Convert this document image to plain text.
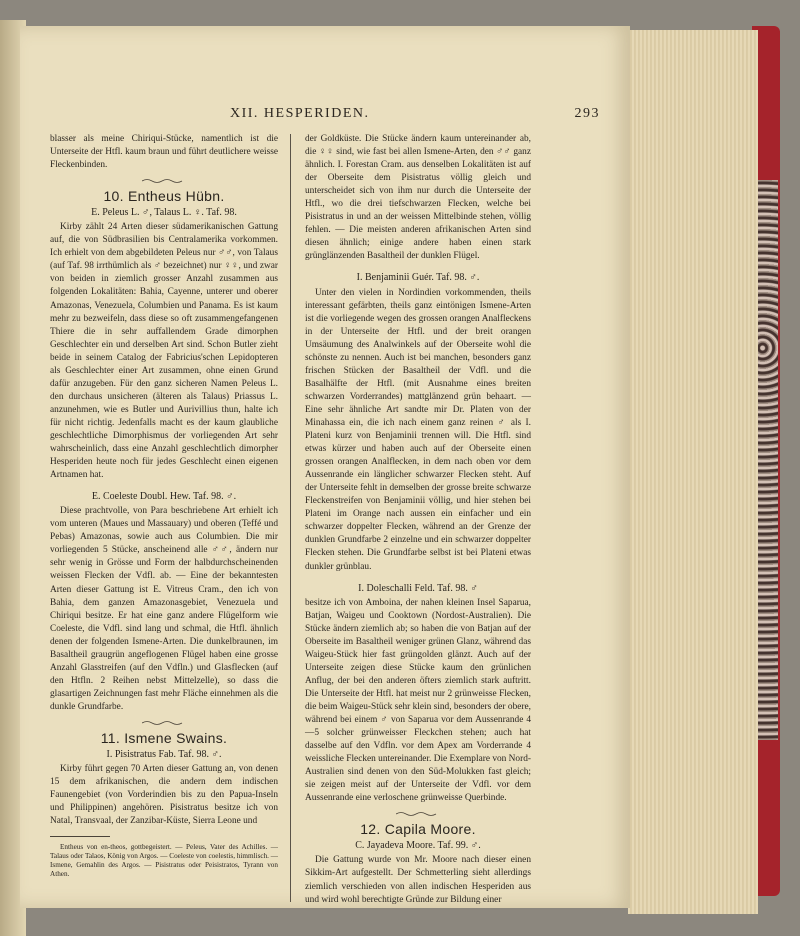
XII. HESPERIDEN.	293

blasser als meine Chiriqui-Stücke, namentlich ist die Unterseite der Htfl. kaum braun und führt deutlichere weisse Fleckenbinden.

10. Entheus Hübn.
E. Peleus L. ♂, Talaus L. ♀. Taf. 98.

Kirby zählt 24 Arten dieser südamerikanischen Gattung auf, die von Südbrasilien bis Centralamerika vorkommen. Ich erhielt von dem abgebildeten Peleus nur ♂♂, von Talaus (auf Taf. 98 irrthümlich als ♂ bezeichnet) nur ♀♀, und zwar von beiden in ziemlich grosser Anzahl zusammen aus folgenden Lokalitäten: Bahia, Cayenne, unterer und oberer Amazonas, Venezuela, Columbien und Panama. Es ist kaum mehr zu bezweifeln, dass diese so oft zusammengefangenen Thiere die in sehr auffallendem Grade dimorphen Geschlechter ein und derselben Art sind. Schon Butler zieht beide in seinem Catalog der Fabricius'schen Lepidopteren als Geschlechter einer Art zusammen, ohne einen Grund dafür anzugeben. Für den ganz sicheren Namen Peleus L. den durchaus unsicheren (älteren als Talaus) Priassus L. anzunehmen, wie es Butler und Aurivillius thun, halte ich für nicht richtig. Jedenfalls macht es der kaum glaubliche geschlechtliche Dimorphismus der vorliegenden Art sehr wahrscheinlich, dass eine Anzahl geschlechtlich dimorpher Hesperiden heute noch für jedes Geschlecht einen eigenen Artnamen hat.

E. Coeleste Doubl. Hew. Taf. 98. ♂.

Diese prachtvolle, von Para beschriebene Art erhielt ich vom unteren (Maues und Massauary) und oberen (Teffé und Pebas) Amazonas, sowie auch aus Columbien. Die mir vorliegenden 5 Stücke, anscheinend alle ♂♂, ändern nur sehr wenig in Grösse und Form der halbdurchscheinenden weissen Flecken der Vdfl. ab. — Eine der bekanntesten Arten dieser Gattung ist E. Vitreus Cram., den ich von Bahia, dem ganzen Amazonasgebiet, Venezuela und Chiriqui besitze. Er hat eine ganz andere Flügelform wie Coeleste, die Vdfl. sind lang und schmal, die Htfl. ähnlich denen der folgenden Ismene-Arten. Die dunkelbraunen, im Basaltheil graugrün angeflogenen Flügel haben eine grosse Anzahl Glasstreifen (auf den Vdfln.) und Glasflecken (auf den Htfln. 2 Reihen nebst Mittelzelle), so dass die glasartigen Zeichnungen fast mehr Fläche einnehmen als die dunkle Grundfarbe.

11. Ismene Swains.
I. Pisistratus Fab. Taf. 98. ♂.

Kirby führt gegen 70 Arten dieser Gattung an, von denen 15 dem afrikanischen, die andern dem indischen Faunengebiet (von Vorderindien bis zu den Papua-Inseln und Philippinen) angehören. Pisistratus besitze ich von Natal, Transvaal, der Zanzibar-Küste, Sierra Leone und

Entheus von en-theos, gottbegeistert. — Peleus, Vater des Achilles. — Talaus oder Talaos, König von Argos. — Coeleste von coelestis, himmlisch. — Ismene, Gemahlin des Argos. — Pisistratus oder Peisistratos, Tyrann von Athen.

der Goldküste. Die Stücke ändern kaum untereinander ab, die ♀♀ sind, wie fast bei allen Ismene-Arten, den ♂♂ ganz ähnlich. I. Forestan Cram. aus denselben Lokalitäten ist auf der Oberseite dem Pisistratus völlig gleich und unterscheidet sich von ihm nur durch die Unterseite der Htfl., wo die drei tiefschwarzen Flecken, welche bei Pisistratus in und an der weissen Mittelbinde stehen, völlig fehlen. — Die meisten anderen afrikanischen Arten sind diesen ähnlich; einige andere haben einen stark grünglänzenden Basaltheil der dunklen Flügel.

I. Benjaminii Guér. Taf. 98. ♂.

Unter den vielen in Nordindien vorkommenden, theils interessant gefärbten, theils ganz eintönigen Ismene-Arten ist die vorliegende wegen des grossen orangen Analfleckens in der Unterseite der Htfl. und der breit orangen Umsäumung des Analwinkels auf der Oberseite wohl die schönste zu nennen. Auch ist bei manchen, besonders ganz frischen Stücken der Basaltheil der Vdfl. und die Basalhälfte der Htfl. (mit Ausnahme eines breiten schwarzen Vorderrandes) mattglänzend grün behaart. — Eine sehr ähnliche Art sandte mir Dr. Platen von der Minahassa ein, die ich nach einem ganz reinen ♂ als I. Plateni kurz von Benjaminii trennen will. Die Htfl. sind etwas kürzer und haben auch auf der Oberseite einen grossen orangen Analflecken, in dem nach oben vor dem Aussenrande ein länglicher schwarzer Flecken steht. Auf der Unterseite fehlt in demselben der grosse breite schwarze Fleckenstreifen von Benjaminii völlig, und hier stehen bei Plateni im Orange nach aussen ein einfacher und ein schwarzer doppelter Flecken, während an der Grenze der dunklen Grundfarbe 2 einzelne und ein schwarzer doppelter Flecken stehen. Die Grundfarbe selbst ist bei Plateni etwas dunkler grünblau.

I. Doleschalli Feld. Taf. 98. ♂

besitze ich von Amboina, der nahen kleinen Insel Saparua, Batjan, Waigeu und Cooktown (Nordost-Australien). Die Stücke ändern ziemlich ab; so haben die von Batjan auf der Oberseite im Basaltheil weniger grünen Glanz, während das Waigeu-Stück hier fast grüngolden glänzt. Auch auf der Unterseite zeigen diese Stücke kaum den grünlichen Anflug, der bei den anderen öfters ziemlich stark auftritt. Die Unterseite der Htfl. hat meist nur 2 grünweisse Flecken, die beim Waigeu-Stück sehr klein sind, besonders der obere, während bei einem ♂ von Saparua vor dem Aussenrande 4—5 solcher grünweisser Fleckchen stehen; auch hat dasselbe auf den Vdfln. vor dem Apex am Vorderrande 4 weissliche Flecken untereinander. Die Exemplare von Nord-Australien sind denen von den Süd-Molukken fast gleich; sie zeigen meist auf der Unterseite der Vdfl. vor dem Aussenrande eine verloschene grünweisse Querbinde.

12. Capila Moore.
C. Jayadeva Moore. Taf. 99. ♂.

Die Gattung wurde von Mr. Moore nach dieser einen Sikkim-Art aufgestellt. Der Schmetterling sieht allerdings ziemlich verschieden von allen indischen Hesperiden aus und wird wohl berechtigte Gründe zur Bildung einer
